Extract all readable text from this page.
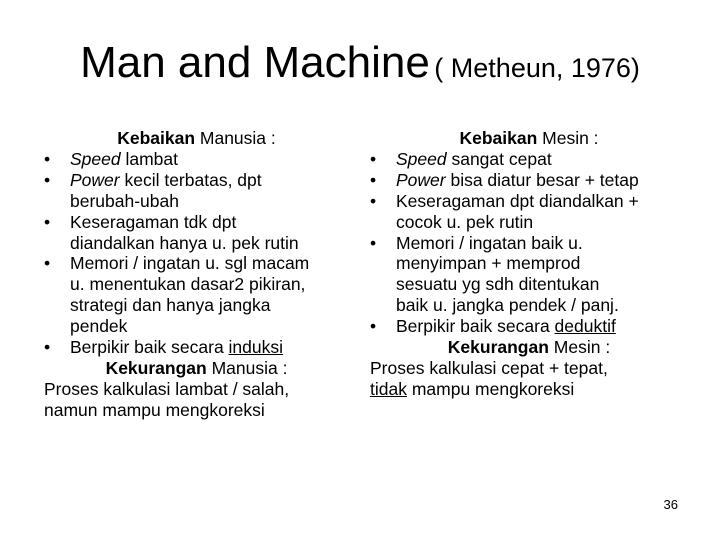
Man and Machine ( Metheun, 1976)
Kebaikan Manusia :
•	Speed lambat
•	Power kecil terbatas, dpt
berubah-ubah
•	Keseragaman tdk dpt
diandalkan hanya u. pek rutin
•	Memori / ingatan u. sgl macam
u. menentukan dasar2 pikiran,
strategi dan hanya jangka
pendek
•	Berpikir baik secara induksi
Kekurangan Manusia :
Proses kalkulasi lambat / salah,
namun mampu mengkoreksi
Kebaikan Mesin :
•	Speed sangat cepat
•	Power bisa diatur besar + tetap
•	Keseragaman dpt diandalkan +
cocok u. pek rutin
•	Memori / ingatan baik u.
menyimpan + memprod
sesuatu yg sdh ditentukan
baik u. jangka pendek / panj.
•	Berpikir baik secara deduktif
Kekurangan Mesin :
Proses kalkulasi cepat + tepat,
tidak mampu mengkoreksi
36
